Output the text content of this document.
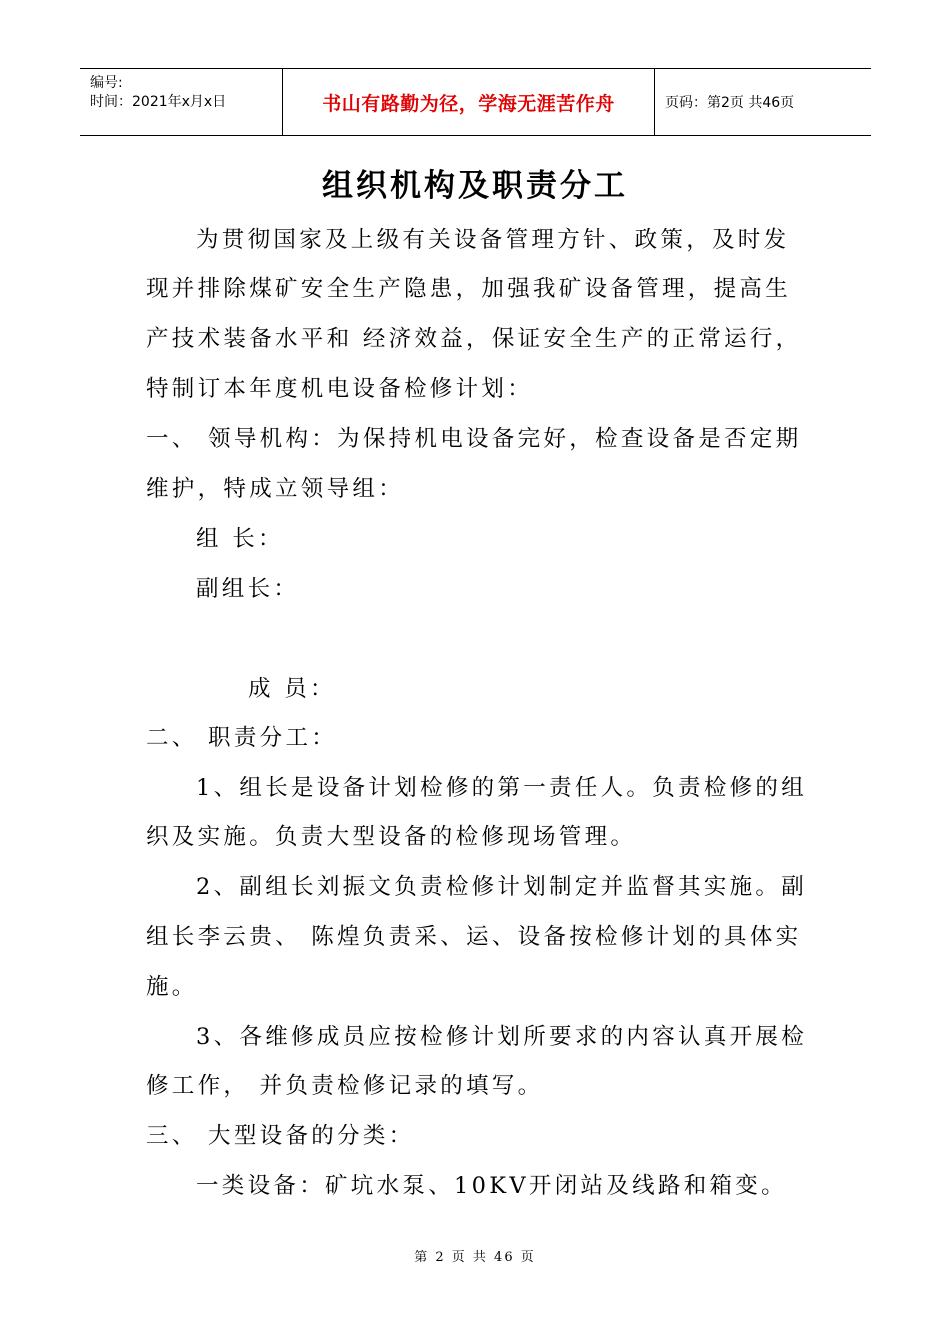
编号:
时间：2021年x月x日	书山有路勤为径，学海无涯苦作舟	页码：第2页 共46页
组织机构及职责分工
为贯彻国家及上级有关设备管理方针、政策，及时发
现并排除煤矿安全生产隐患，加强我矿设备管理，提高生
产技术装备水平和 经济效益，保证安全生产的正常运行，
特制订本年度机电设备检修计划：
一、 领导机构：为保持机电设备完好，检查设备是否定期
维护，特成立领导组：
组 长：
副组长：
成 员：
二、 职责分工：
1、组长是设备计划检修的第一责任人。负责检修的组
织及实施。负责大型设备的检修现场管理。
2、副组长刘振文负责检修计划制定并监督其实施。副
组长李云贵、 陈煌负责采、运、设备按检修计划的具体实
施。
3、各维修成员应按检修计划所要求的内容认真开展检
修工作， 并负责检修记录的填写。
三、 大型设备的分类：
一类设备：矿坑水泵、10KV开闭站及线路和箱变。
第 2 页 共 46 页
